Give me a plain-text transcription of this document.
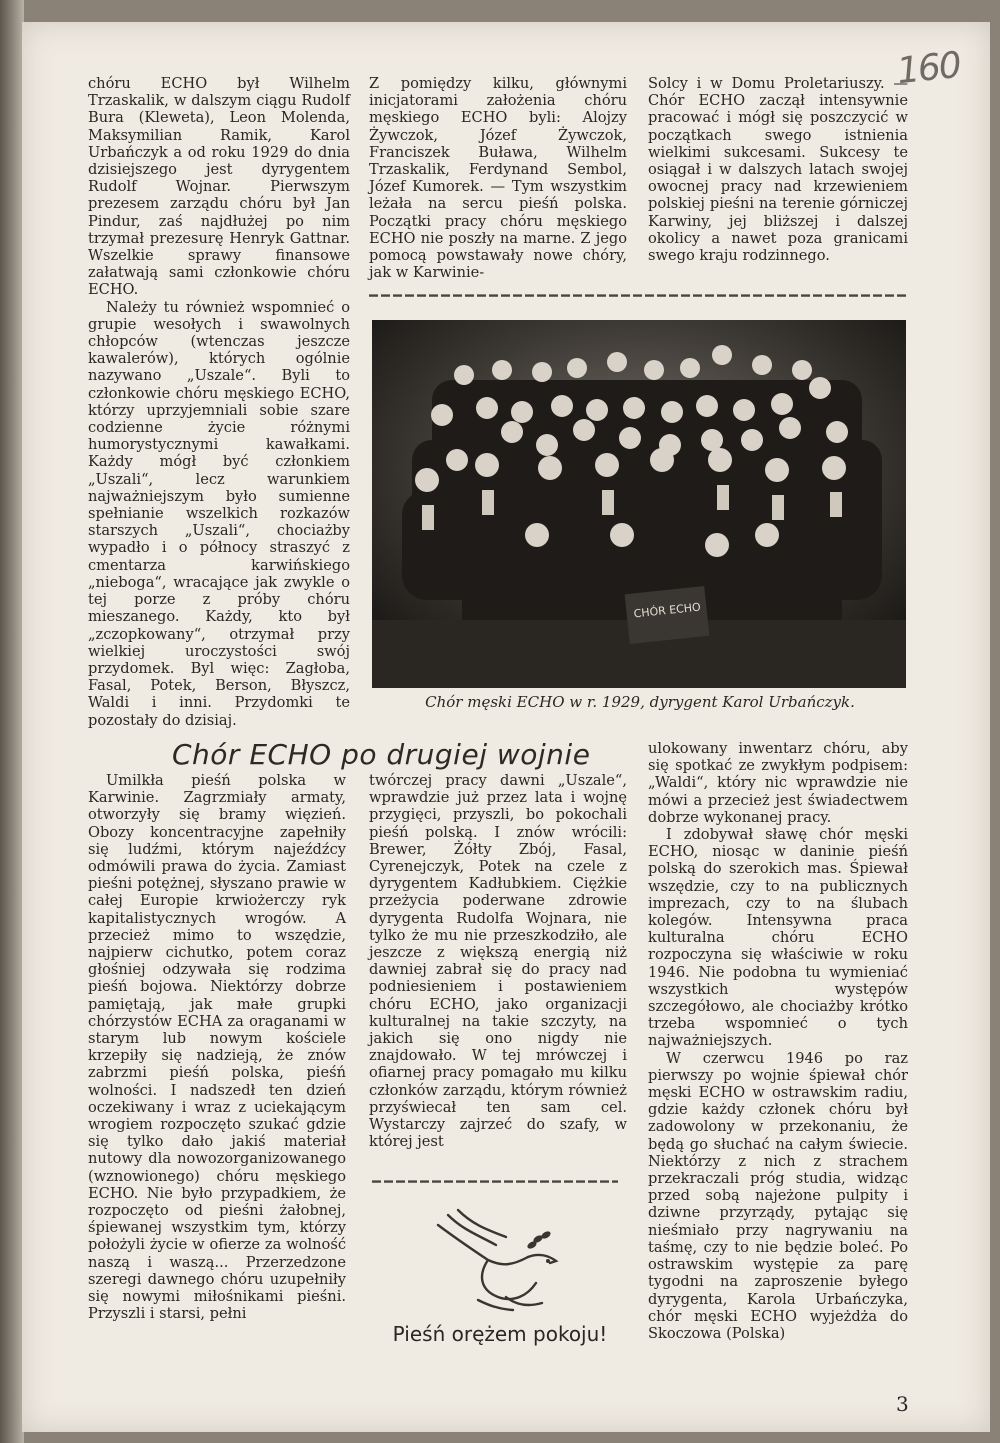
160

chóru ECHO był Wilhelm Trzaskalik, w dalszym ciągu Rudolf Bura (Kleweta), Leon Molenda, Maksymilian Ramik, Karol Urbańczyk a od roku 1929 do dnia dzisiejszego jest dyrygentem Rudolf Wojnar. Pierwszym prezesem zarządu chóru był Jan Pindur, zaś najdłużej po nim trzymał prezesurę Henryk Gattnar. Wszelkie sprawy finansowe załatwają sami członkowie chóru ECHO.

Należy tu również wspomnieć o grupie wesołych i swawolnych chłopców (wtenczas jeszcze kawalerów), których ogólnie nazywano „Uszale“. Byli to członkowie chóru męskiego ECHO, którzy uprzyjemniali sobie szare codzienne życie różnymi humorystycznymi kawałkami. Każdy mógł być członkiem „Uszali“, lecz warunkiem najważniejszym było sumienne spełnianie wszelkich rozkazów starszych „Uszali“, chociażby wypadło i o północy straszyć z cmentarza karwińskiego „nieboga“, wracające jak zwykle o tej porze z próby chóru mieszanego. Każdy, kto był „zczopkowany“, otrzymał przy wielkiej uroczystości swój przydomek. Byl więc: Zagłoba, Fasal, Potek, Berson, Błyszcz, Waldi i inni. Przydomki te pozostały do dzisiaj.

Z pomiędzy kilku, głównymi inicjatorami założenia chóru męskiego ECHO byli: Alojzy Żywczok, Józef Żywczok, Franciszek Buława, Wilhelm Trzaskalik, Ferdynand Sembol, Józef Kumorek. — Tym wszystkim leżała na sercu pieśń polska. Początki pracy chóru męskiego ECHO nie poszły na marne. Z jego pomocą powstawały nowe chóry, jak w Karwinie-

Solcy i w Domu Proletariuszy. — Chór ECHO zaczął intensywnie pracować i mógł się poszczycić w początkach swego istnienia wielkimi sukcesami. Sukcesy te osiągał i w dalszych latach swojej owocnej pracy nad krzewieniem polskiej pieśni na terenie górniczej Karwiny, jej bliższej i dalszej okolicy a nawet poza granicami swego kraju rodzinnego.

CHÓR ECHO
Chór męski ECHO w r. 1929, dyrygent Karol Urbańczyk.
Chór ECHO po drugiej wojnie

Umilkła pieśń polska w Karwinie. Zagrzmiały armaty, otworzyły się bramy więzień. Obozy koncentracyjne zapełniły się ludźmi, którym najeźdźcy odmówili prawa do życia. Zamiast pieśni potężnej, słyszano prawie w całej Europie krwiożerczy ryk kapitalistycznych wrogów. A przecież mimo to wszędzie, najpierw cichutko, potem coraz głośniej odzywała się rodzima pieśń bojowa. Niektórzy dobrze pamiętają, jak małe grupki chórzystów ECHA za oraganami w starym lub nowym kościele krzepiły się nadzieją, że znów zabrzmi pieśń polska, pieśń wolności. I nadszedł ten dzień oczekiwany i wraz z uciekającym wrogiem rozpoczęto szukać gdzie się tylko dało jakiś materiał nutowy dla nowozorganizowanego (wznowionego) chóru męskiego ECHO. Nie było przypadkiem, że rozpoczęto od pieśni żałobnej, śpiewanej wszystkim tym, którzy położyli życie w ofierze za wolność naszą i waszą... Przerzedzone szeregi dawnego chóru uzupełniły się nowymi miłośnikami pieśni. Przyszli i starsi, pełni

twórczej pracy dawni „Uszale“, wprawdzie już przez lata i wojnę przygięci, przyszli, bo pokochali pieśń polską. I znów wrócili: Brewer, Żółty Zbój, Fasal, Cyrenejczyk, Potek na czele z dyrygentem Kadłubkiem. Ciężkie przeżycia poderwane zdrowie dyrygenta Rudolfa Wojnara, nie tylko że mu nie przeszkodziło, ale jeszcze z większą energią niż dawniej zabrał się do pracy nad podniesieniem i postawieniem chóru ECHO, jako organizacji kulturalnej na takie szczyty, na jakich się ono nigdy nie znajdowało. W tej mrówczej i ofiarnej pracy pomagało mu kilku członków zarządu, którym również przyświecał ten sam cel. Wystarczy zajrzeć do szafy, w której jest

Pieśń orężem pokoju!

ulokowany inwentarz chóru, aby się spotkać ze zwykłym podpisem: „Waldi“, który nic wprawdzie nie mówi a przecież jest świadectwem dobrze wykonanej pracy.

I zdobywał sławę chór męski ECHO, niosąc w daninie pieśń polską do szerokich mas. Śpiewał wszędzie, czy to na publicznych imprezach, czy to na ślubach kolegów. Intensywna praca kulturalna chóru ECHO rozpoczyna się właściwie w roku 1946. Nie podobna tu wymieniać wszystkich występów szczegółowo, ale chociażby krótko trzeba wspomnieć o tych najważniejszych.

W czerwcu 1946 po raz pierwszy po wojnie śpiewał chór męski ECHO w ostrawskim radiu, gdzie każdy członek chóru był zadowolony w przekonaniu, że będą go słuchać na całym świecie. Niektórzy z nich z strachem przekraczali próg studia, widząc przed sobą najeżone pulpity i dziwne przyrządy, pytając się nieśmiało przy nagrywaniu na taśmę, czy to nie będzie boleć. Po ostrawskim występie za parę tygodni na zaproszenie byłego dyrygenta, Karola Urbańczyka, chór męski ECHO wyjeżdża do Skoczowa (Polska)

3
